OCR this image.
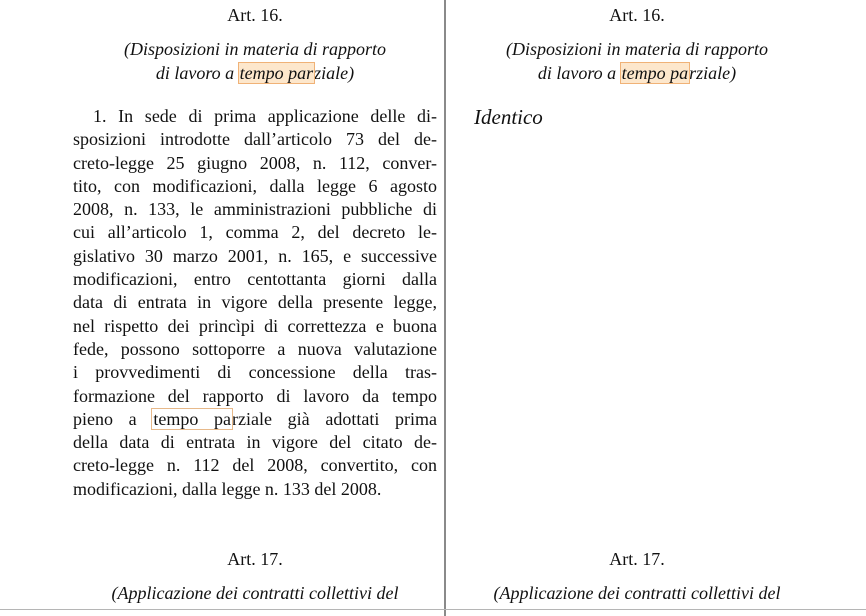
Art. 16.
(Disposizioni in materia di rapporto
di lavoro a tempo parziale)
1. In sede di prima applicazione delle di-
sposizioni introdotte dall’articolo 73 del de-
creto-legge 25 giugno 2008, n. 112, conver-
tito, con modificazioni, dalla legge 6 agosto
2008, n. 133, le amministrazioni pubbliche di
cui all’articolo 1, comma 2, del decreto le-
gislativo 30 marzo 2001, n. 165, e successive
modificazioni, entro centottanta giorni dalla
data di entrata in vigore della presente legge,
nel rispetto dei princìpi di correttezza e buona
fede, possono sottoporre a nuova valutazione
i provvedimenti di concessione della tras-
formazione del rapporto di lavoro da tempo
pieno a tempo parziale già adottati prima
della data di entrata in vigore del citato de-
creto-legge n. 112 del 2008, convertito, con
modificazioni, dalla legge n. 133 del 2008.
Art. 17.
(Applicazione dei contratti collettivi del
Art. 16.
(Disposizioni in materia di rapporto
di lavoro a tempo parziale)

Identico

Art. 17.
(Applicazione dei contratti collettivi del
